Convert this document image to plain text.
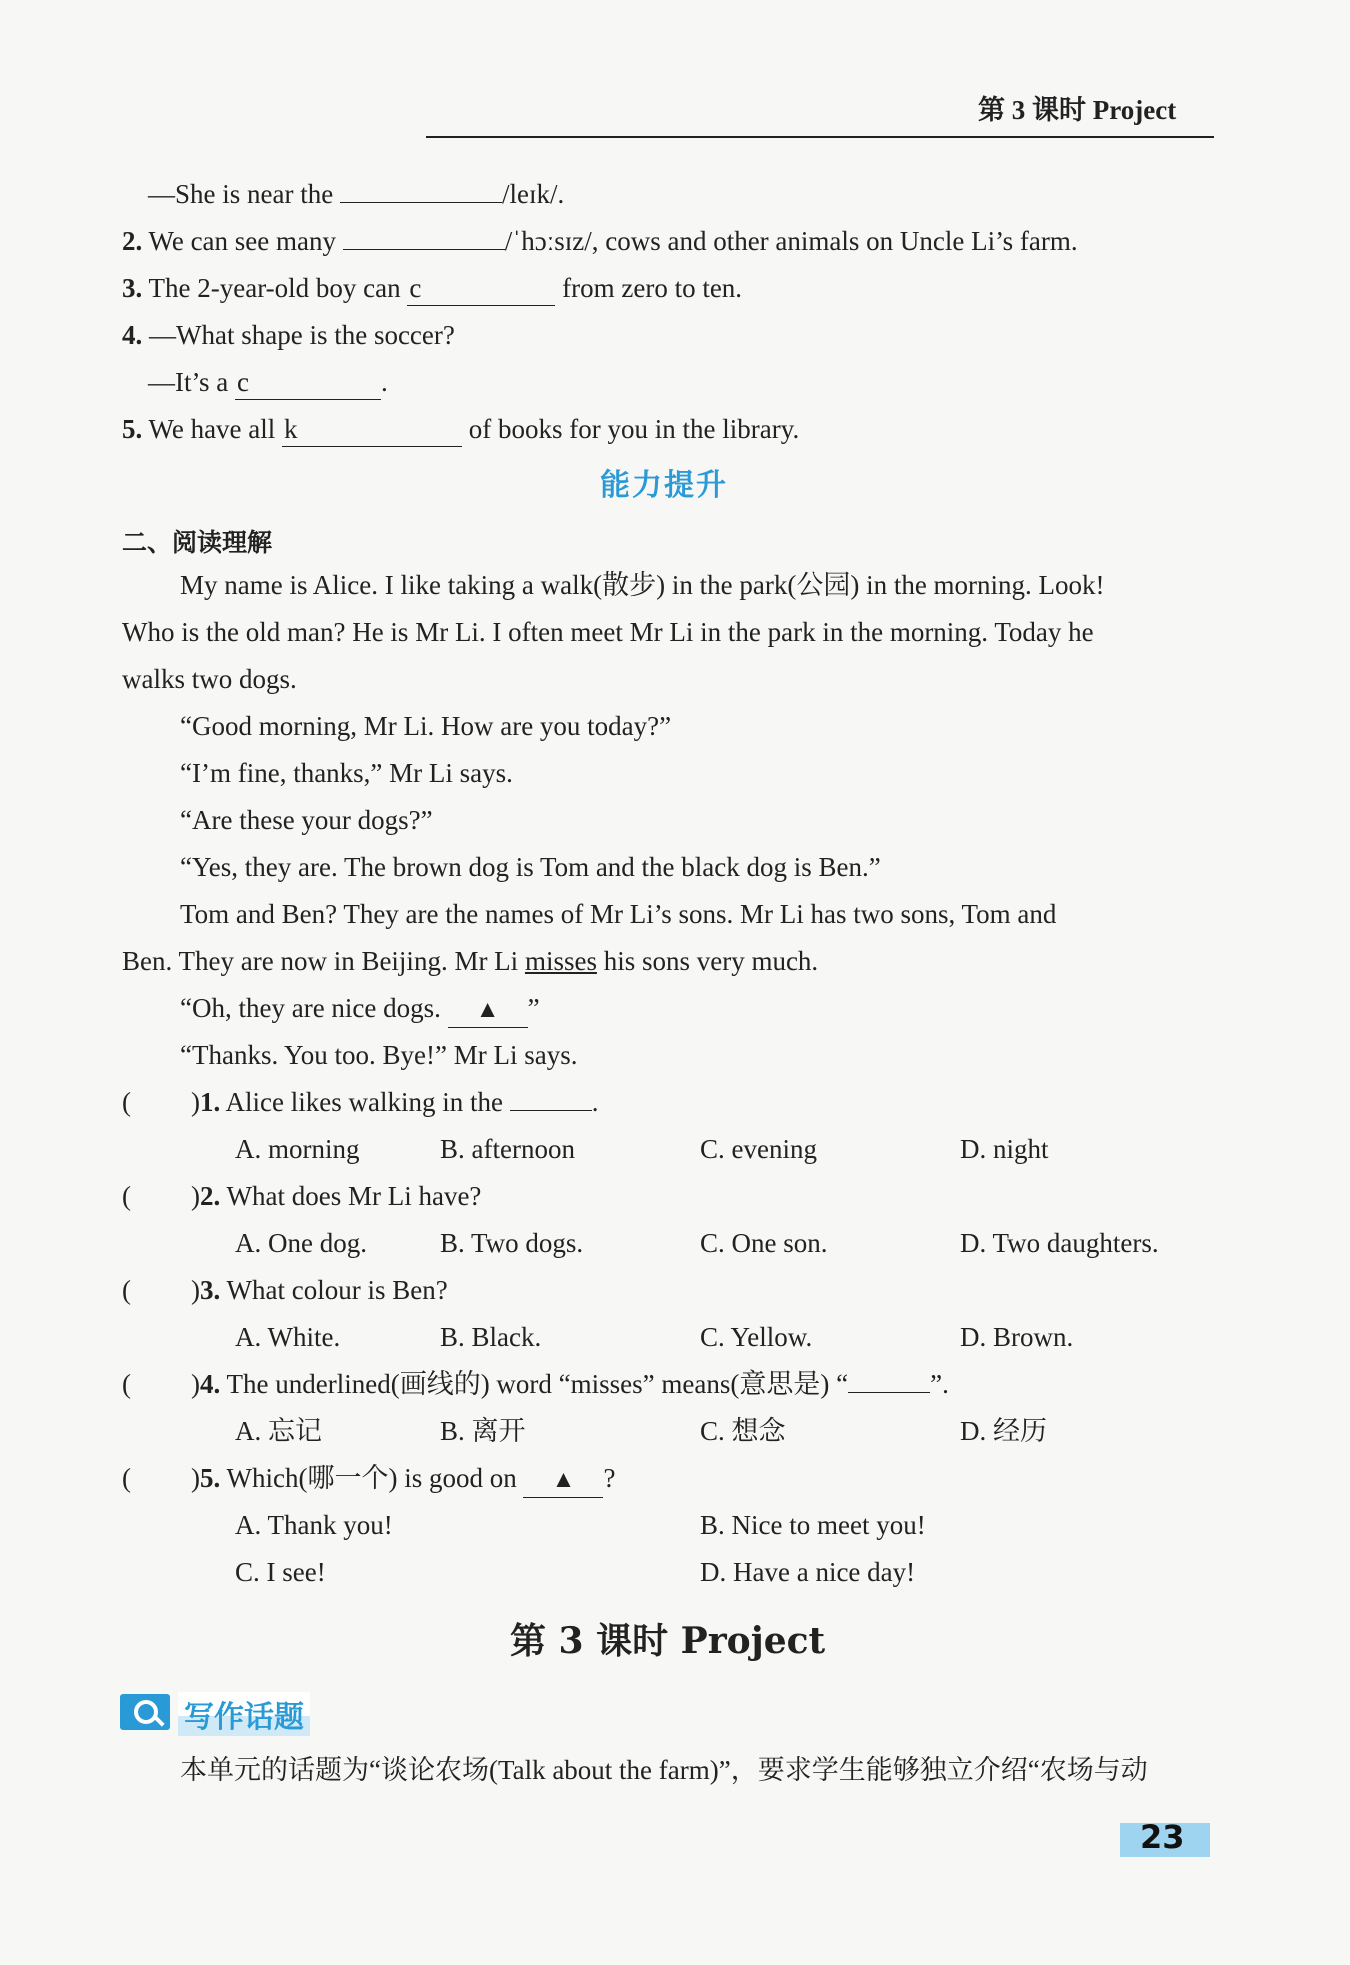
第 3 课时 Project
—She is near the	/leɪk/.
2. We can see many	/ˈhɔːsɪz/, cows and other animals on Uncle Li’s farm.
3. The 2-year-old boy can c	from zero to ten.
4. —What shape is the soccer?
—It’s a c	.
5. We have all k	of books for you in the library.
能力提升
二、阅读理解
My name is Alice. I like taking a walk(散步) in the park(公园) in the morning. Look!
Who is the old man? He is Mr Li. I often meet Mr Li in the park in the morning. Today he
walks two dogs.
“Good morning, Mr Li. How are you today?”
“I’m fine, thanks,” Mr Li says.
“Are these your dogs?”
“Yes, they are. The brown dog is Tom and the black dog is Ben.”
Tom and Ben? They are the names of Mr Li’s sons. Mr Li has two sons, Tom and
Ben. They are now in Beijing. Mr Li misses his sons very much.
“Oh, they are nice dogs. ▲ ”
“Thanks. You too. Bye!” Mr Li says.
( )1. Alice likes walking in the	.
A. morning	B. afternoon	C. evening	D. night
( )2. What does Mr Li have?
A. One dog.	B. Two dogs.	C. One son.	D. Two daughters.
( )3. What colour is Ben?
A. White.	B. Black.	C. Yellow.	D. Brown.
( )4. The underlined(画线的) word “misses” means(意思是) “	”.
A. 忘记	B. 离开	C. 想念	D. 经历
( )5. Which(哪一个) is good on ▲ ?
A. Thank you!	B. Nice to meet you!
C. I see!	D. Have a nice day!
第 3 课时 Project
写作话题
本单元的话题为“谈论农场(Talk about the farm)”，要求学生能够独立介绍“农场与动
23
